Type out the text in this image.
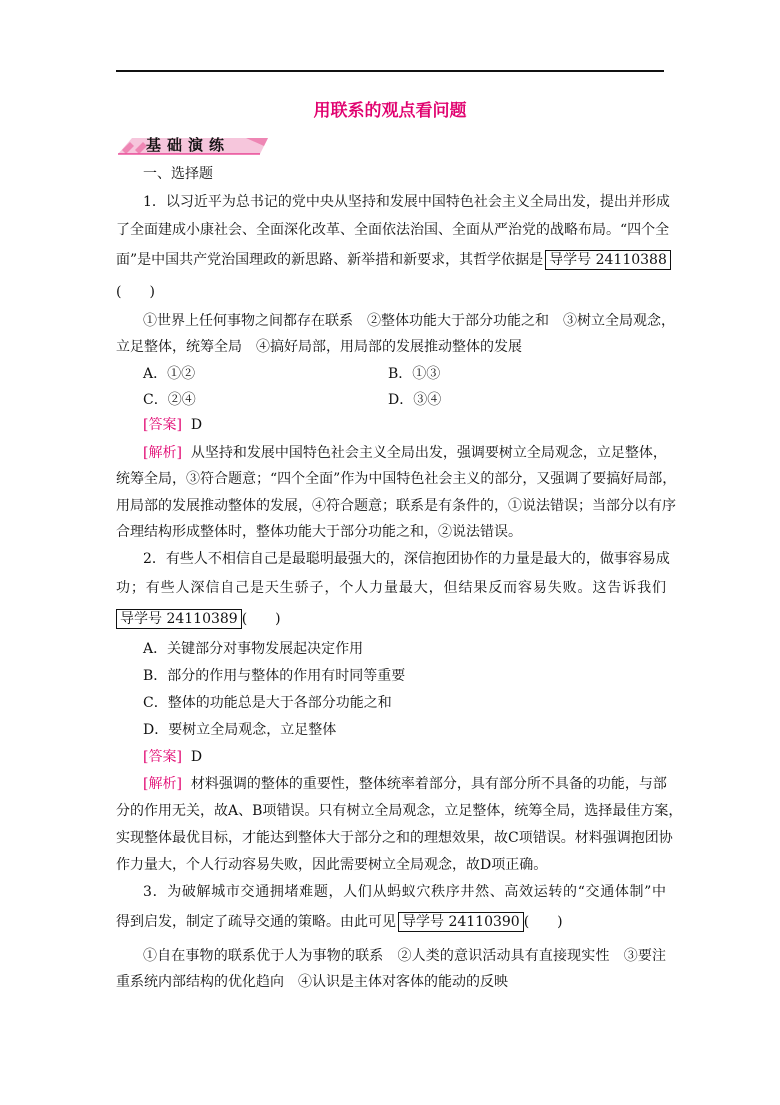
用联系的观点看问题
基础演练
一、选择题
1．以习近平为总书记的党中央从坚持和发展中国特色社会主义全局出发，提出并形成
了全面建成小康社会、全面深化改革、全面依法治国、全面从严治党的战略布局。“四个全
面”是中国共产党治国理政的新思路、新举措和新要求，其哲学依据是 导学号 24110388
(　　)
①世界上任何事物之间都存在联系　②整体功能大于部分功能之和　③树立全局观念，
立足整体，统筹全局　④搞好局部，用局部的发展推动整体的发展
A．①②	B．①③
C．②④	D．③④
[答案] D
[解析] 从坚持和发展中国特色社会主义全局出发，强调要树立全局观念，立足整体，
统筹全局，③符合题意；“四个全面”作为中国特色社会主义的部分，又强调了要搞好局部，
用局部的发展推动整体的发展，④符合题意；联系是有条件的，①说法错误；当部分以有序
合理结构形成整体时，整体功能大于部分功能之和，②说法错误。
2．有些人不相信自己是最聪明最强大的，深信抱团协作的力量是最大的，做事容易成
功；有些人深信自己是天生骄子，个人力量最大，但结果反而容易失败。这告诉我们
导学号 24110389 (　　)
A．关键部分对事物发展起决定作用
B．部分的作用与整体的作用有时同等重要
C．整体的功能总是大于各部分功能之和
D．要树立全局观念，立足整体
[答案] D
[解析] 材料强调的整体的重要性，整体统率着部分，具有部分所不具备的功能，与部
分的作用无关，故A、B项错误。只有树立全局观念，立足整体，统筹全局，选择最佳方案，
实现整体最优目标，才能达到整体大于部分之和的理想效果，故C项错误。材料强调抱团协
作力量大，个人行动容易失败，因此需要树立全局观念，故D项正确。
3．为破解城市交通拥堵难题，人们从蚂蚁穴秩序井然、高效运转的“交通体制”中
得到启发，制定了疏导交通的策略。由此可见 导学号 24110390 (　　)
①自在事物的联系优于人为事物的联系　②人类的意识活动具有直接现实性　③要注
重系统内部结构的优化趋向　④认识是主体对客体的能动的反映
